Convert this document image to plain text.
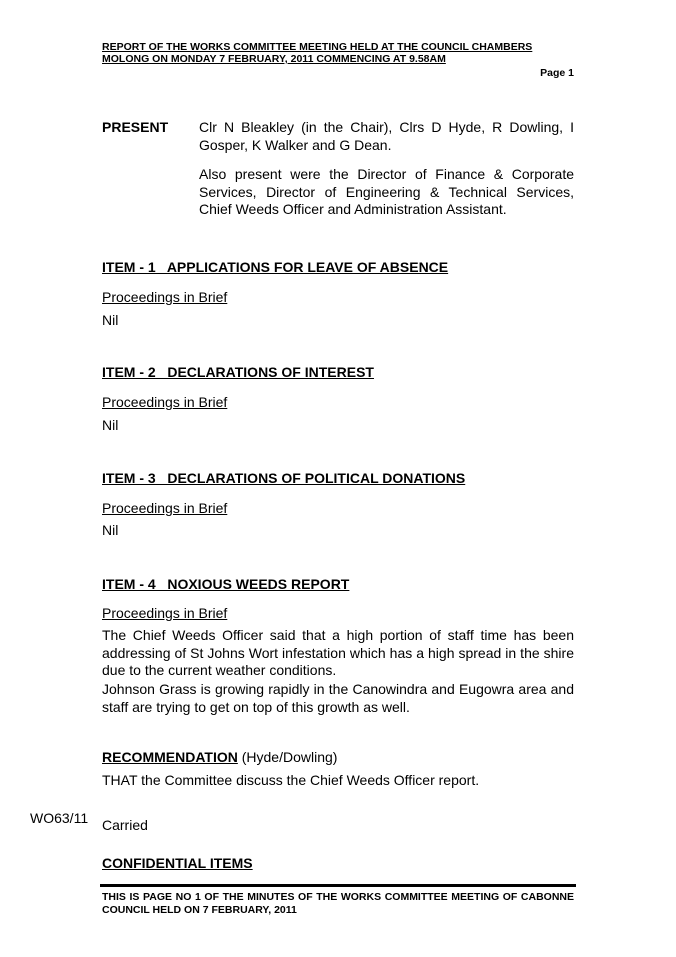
REPORT OF THE WORKS COMMITTEE MEETING HELD AT THE COUNCIL CHAMBERS
MOLONG ON MONDAY 7 FEBRUARY, 2011 COMMENCING AT 9.58AM
Page 1
PRESENT Clr N Bleakley (in the Chair), Clrs D Hyde, R Dowling, I Gosper, K Walker and G Dean.
Also present were the Director of Finance & Corporate Services, Director of Engineering & Technical Services, Chief Weeds Officer and Administration Assistant.
ITEM - 1   APPLICATIONS FOR LEAVE OF ABSENCE
Proceedings in Brief
Nil
ITEM - 2   DECLARATIONS OF INTEREST
Proceedings in Brief
Nil
ITEM - 3   DECLARATIONS OF POLITICAL DONATIONS
Proceedings in Brief
Nil
ITEM - 4   NOXIOUS WEEDS REPORT
Proceedings in Brief
The Chief Weeds Officer said that a high portion of staff time has been addressing of St Johns Wort infestation which has a high spread in the shire due to the current weather conditions.
Johnson Grass is growing rapidly in the Canowindra and Eugowra area and staff are trying to get on top of this growth as well.
RECOMMENDATION (Hyde/Dowling)
THAT the Committee discuss the Chief Weeds Officer report.
WO63/11 Carried
CONFIDENTIAL ITEMS
THIS IS PAGE NO 1 OF THE MINUTES OF THE WORKS COMMITTEE MEETING OF CABONNE COUNCIL HELD ON 7 FEBRUARY, 2011
